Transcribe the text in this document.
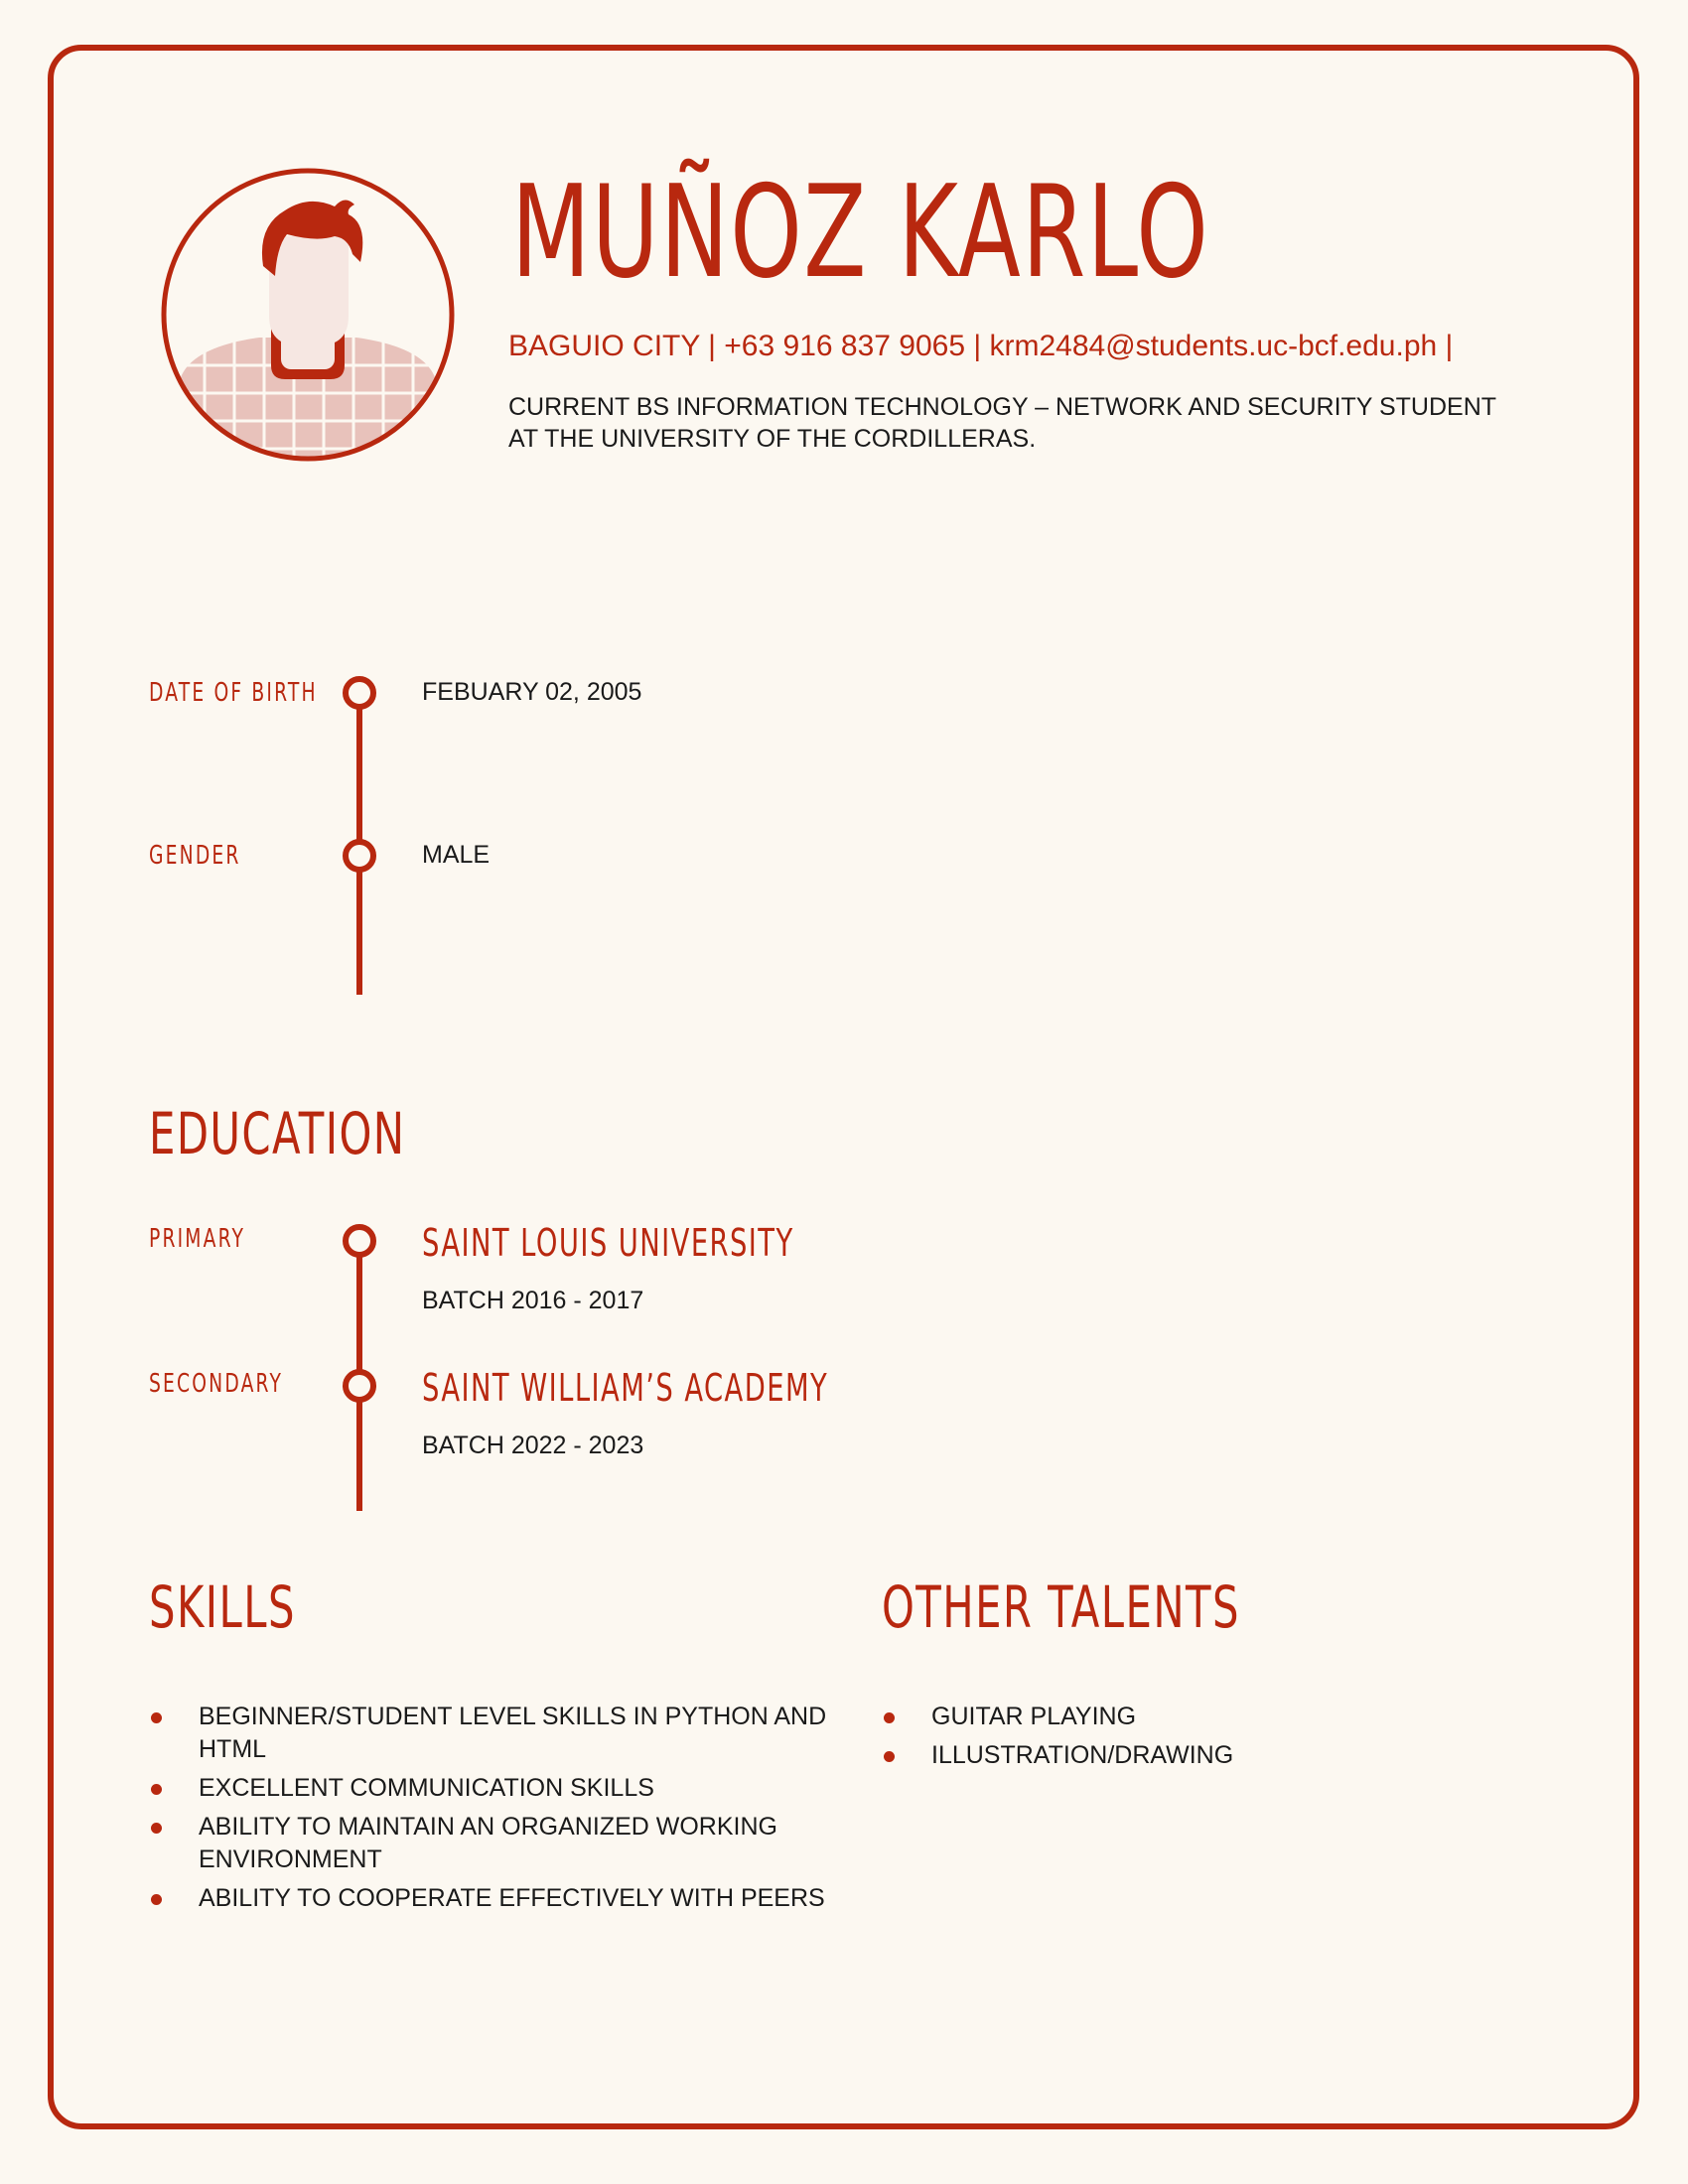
MUÑOZ KARLO
BAGUIO CITY | +63 916 837 9065 | krm2484@students.uc-bcf.edu.ph |
CURRENT BS INFORMATION TECHNOLOGY – NETWORK AND SECURITY STUDENT AT THE UNIVERSITY OF THE CORDILLERAS.
DATE OF BIRTH	FEBUARY 02, 2005
GENDER	MALE
EDUCATION
PRIMARY	SAINT LOUIS UNIVERSITY
BATCH 2016 - 2017
SECONDARY	SAINT WILLIAM’S ACADEMY
BATCH 2022 - 2023
SKILLS
BEGINNER/STUDENT LEVEL SKILLS IN PYTHON AND HTML
EXCELLENT COMMUNICATION SKILLS
ABILITY TO MAINTAIN AN ORGANIZED WORKING ENVIRONMENT
ABILITY TO COOPERATE EFFECTIVELY WITH PEERS
OTHER TALENTS
GUITAR PLAYING
ILLUSTRATION/DRAWING
